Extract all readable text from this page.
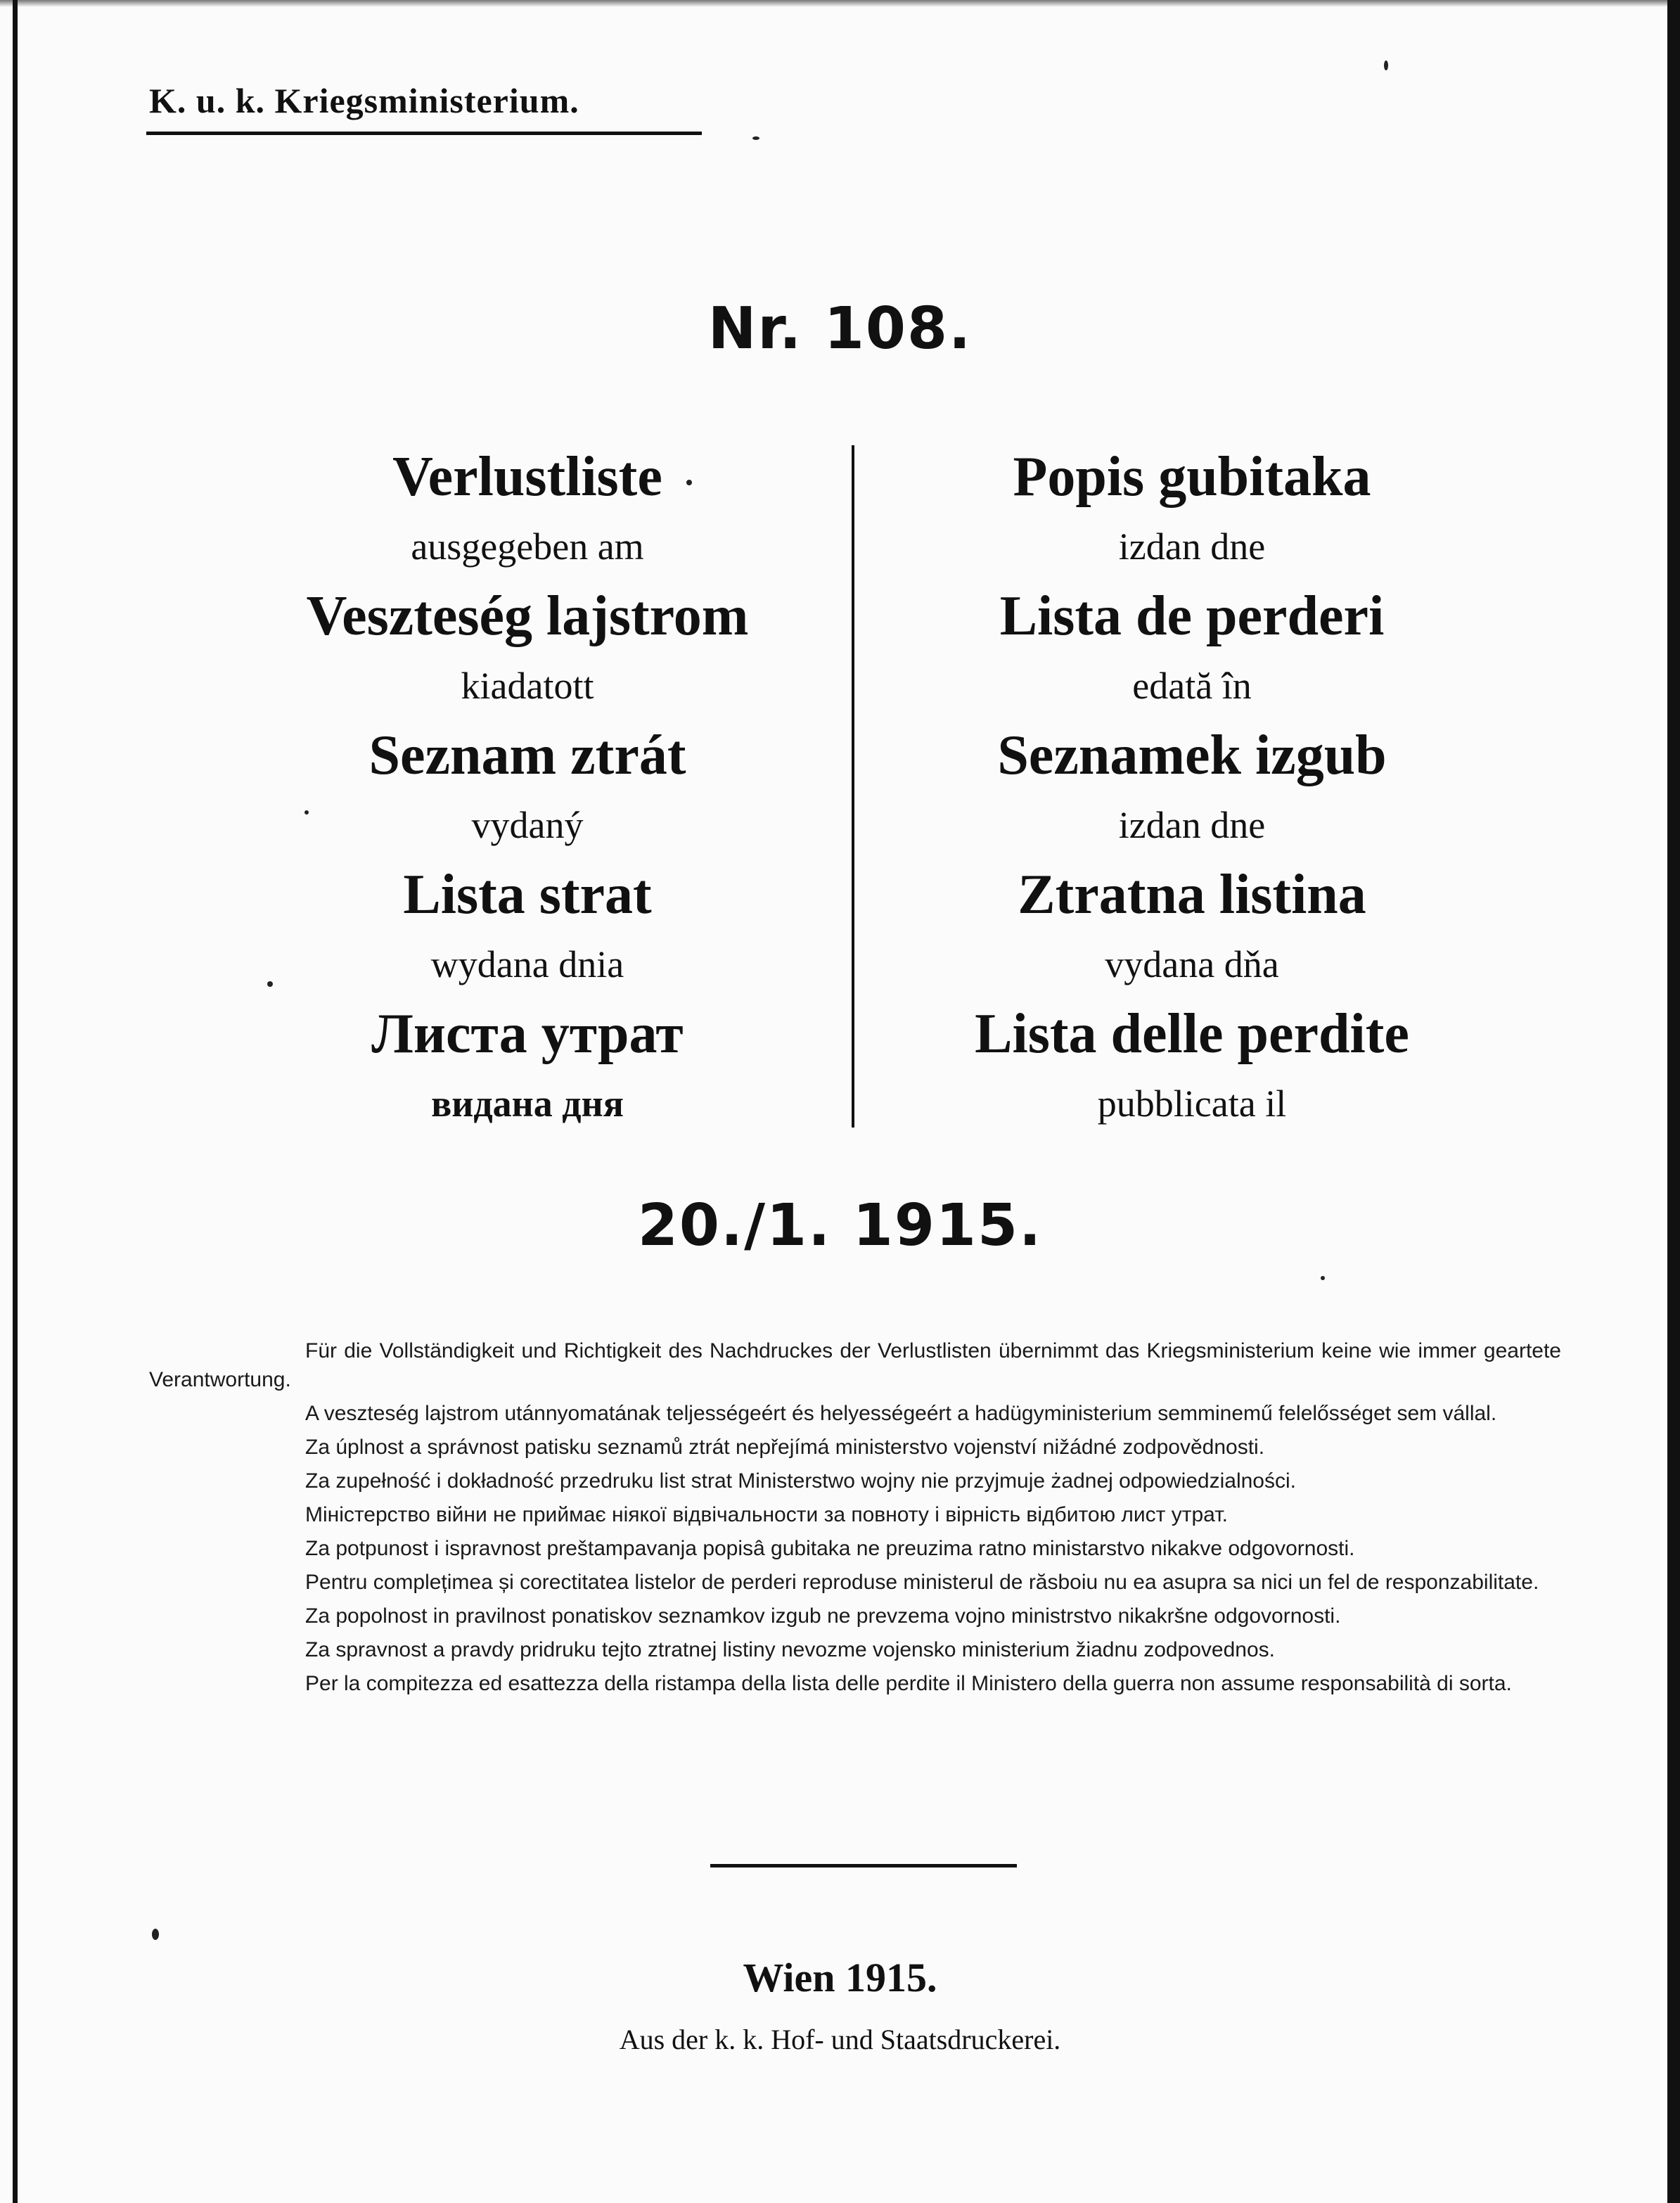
K. u. k. Kriegsministerium.
Nr. 108.
Verlustliste
ausgegeben am
Veszteség lajstrom
kiadatott
Seznam ztrát
vydaný
Lista strat
wydana dnia
Листа утрат
видана дня
Popis gubitaka
izdan dne
Lista de perderi
edată în
Seznamek izgub
izdan dne
Ztratna listina
vydana dňa
Lista delle perdite
pubblicata il
20./1. 1915.

Für die Vollständigkeit und Richtigkeit des Nachdruckes der Verlustlisten übernimmt das Kriegsministerium keine wie immer geartete Verantwortung.

A veszteség lajstrom utánnyomatának teljességeért és helyességeért a hadügyministerium semminemű felelősséget sem vállal.

Za úplnost a správnost patisku seznamů ztrát nepřejímá ministerstvo vojenství nižádné zodpovědnosti.

Za zupełność i dokładność przedruku list strat Ministerstwo wojny nie przyjmuje żadnej odpowiedzialności.

Міністерство війни не приймає ніякої відвічальности за повноту і вірність відбитою лист утрат.

Za potpunost i ispravnost preštampavanja popisâ gubitaka ne preuzima ratno ministarstvo nikakve odgovornosti.

Pentru complețimea și corectitatea listelor de perderi reproduse ministerul de răsboiu nu ea asupra sa nici un fel de responzabilitate.

Za popolnost in pravilnost ponatiskov seznamkov izgub ne prevzema vojno ministrstvo nikakršne odgovornosti.

Za spravnost a pravdy pridruku tejto ztratnej listiny nevozme vojensko ministerium žiadnu zodpovednos.

Per la compitezza ed esattezza della ristampa della lista delle perdite il Ministero della guerra non assume responsabilità di sorta.

Wien 1915.
Aus der k. k. Hof- und Staatsdruckerei.
